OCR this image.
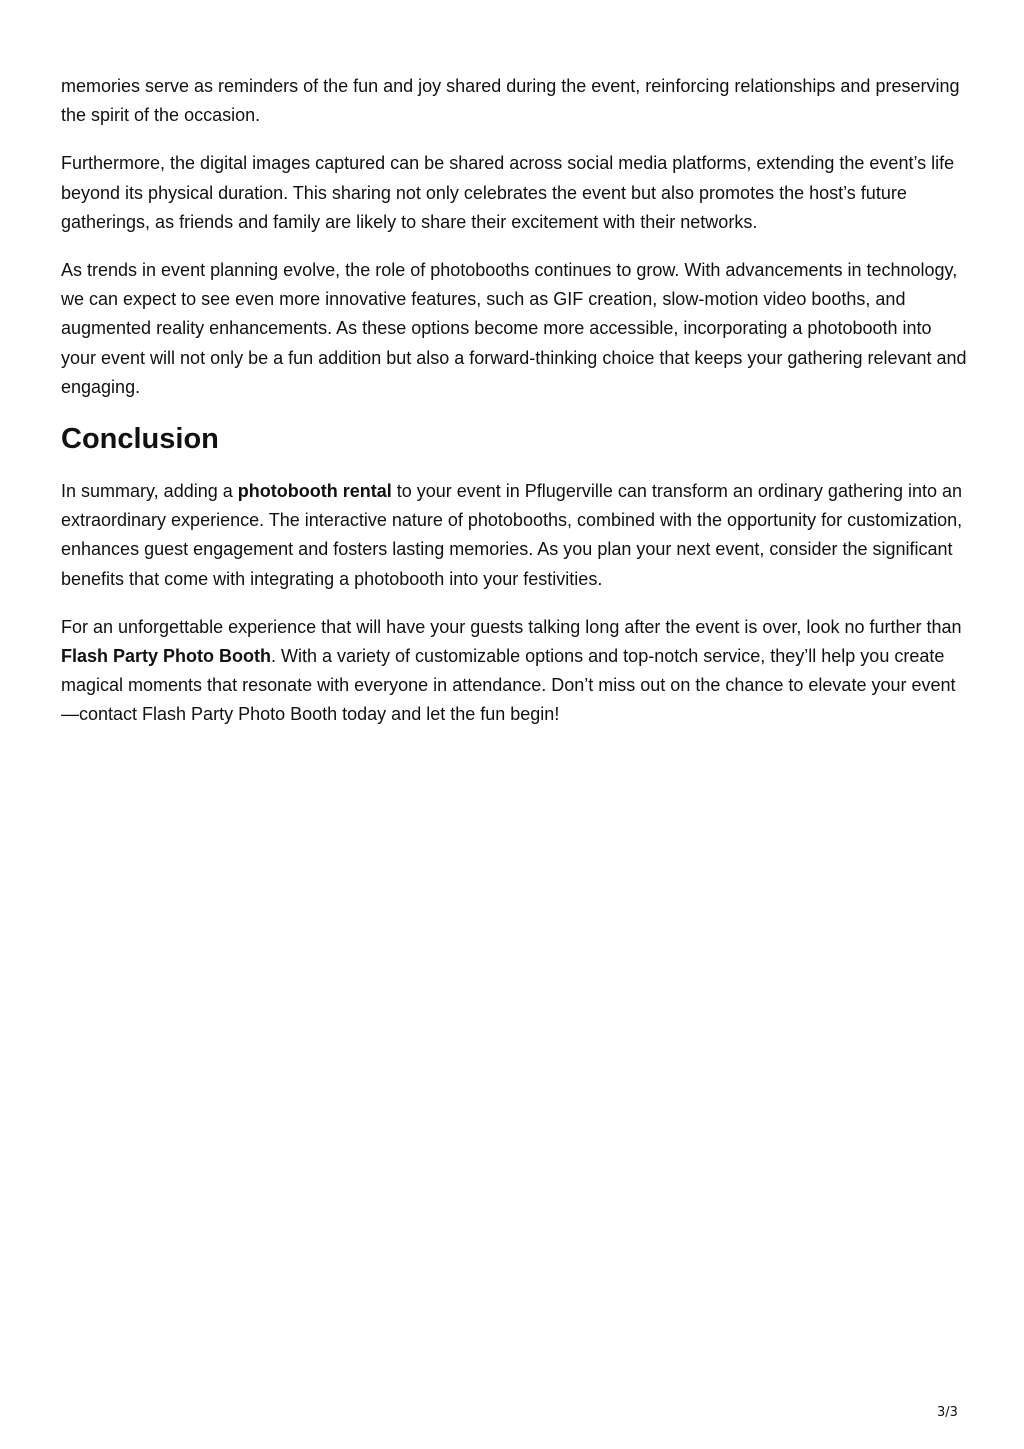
memories serve as reminders of the fun and joy shared during the event, reinforcing relationships and preserving the spirit of the occasion.

Furthermore, the digital images captured can be shared across social media platforms, extending the event’s life beyond its physical duration. This sharing not only celebrates the event but also promotes the host’s future gatherings, as friends and family are likely to share their excitement with their networks.

As trends in event planning evolve, the role of photobooths continues to grow. With advancements in technology, we can expect to see even more innovative features, such as GIF creation, slow-motion video booths, and augmented reality enhancements. As these options become more accessible, incorporating a photobooth into your event will not only be a fun addition but also a forward-thinking choice that keeps your gathering relevant and engaging.

Conclusion

In summary, adding a photobooth rental to your event in Pflugerville can transform an ordinary gathering into an extraordinary experience. The interactive nature of photobooths, combined with the opportunity for customization, enhances guest engagement and fosters lasting memories. As you plan your next event, consider the significant benefits that come with integrating a photobooth into your festivities.

For an unforgettable experience that will have your guests talking long after the event is over, look no further than Flash Party Photo Booth. With a variety of customizable options and top-notch service, they’ll help you create magical moments that resonate with everyone in attendance. Don’t miss out on the chance to elevate your event—contact Flash Party Photo Booth today and let the fun begin!

3/3
